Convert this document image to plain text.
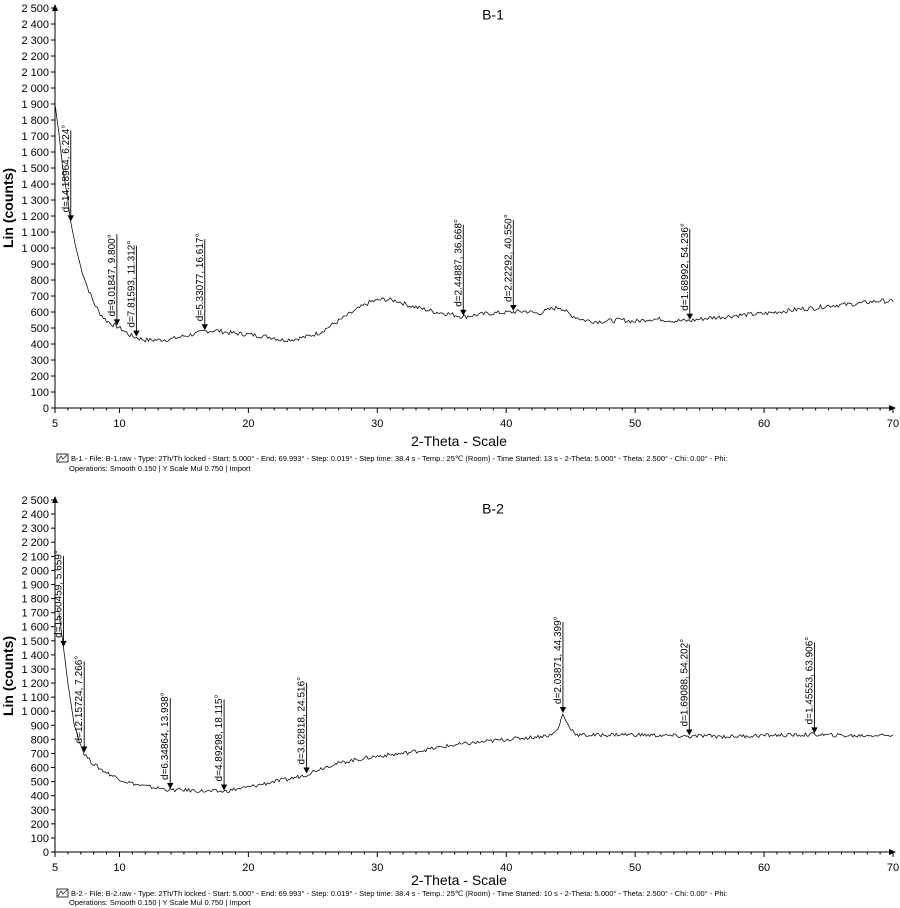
B-1
0
100
200
300
400
500
600
700
800
900
1 000
1 100
1 200
1 300
1 400
1 500
1 600
1 700
1 800
1 900
2 000
2 100
2 200
2 300
2 400
2 500
5	10	20	30	40	50	60	70
2-Theta - Scale
Lin (counts)	d=14.18964, 6.224°
d=9.01847, 9.800° d=7.81593, 11.312°	d=5.33077, 16.617°	d=2.44887, 36.668°	d=2.22292, 40.550°	d=1.68992, 54.236°
B-1 - File: B-1.raw - Type: 2Th/Th locked - Start: 5.000° - End: 69.993° - Step: 0.019° - Step time: 38.4 s - Temp.: 25℃ (Room) - Time Started: 13 s - 2-Theta: 5.000° - Theta: 2.500° - Chi: 0.00° - Phi:
Operations: Smooth 0.150 | Y Scale Mul 0.750 | Import
B-2
0
100
200
300
400
500
600
700
800
900
1 000
1 100
1 200
1 300
1 400
1 500
1 600
1 700
1 800
1 900
2 000
2 100
2 200
2 300
2 400
2 500
5	10	20	30	40	50	60	70
2-Theta - Scale
Lin (counts)
d=15.60459, 5.659°
d=12.15724, 7.266°	d=6.34864, 13.938°	d=4.89298, 18.115°	d=3.62818, 24.516°
d=2.03871, 44.399°	d=1.69088, 54.202°	d=1.45553, 63.906°
B-2 - File: B-2.raw - Type: 2Th/Th locked - Start: 5.000° - End: 69.993° - Step: 0.019° - Step time: 38.4 s - Temp.: 25℃ (Room) - Time Started: 10 s - 2-Theta: 5.000° - Theta: 2.500° - Chi: 0.00° - Phi:
Operations: Smooth 0.150 | Y Scale Mul 0.750 | Import
